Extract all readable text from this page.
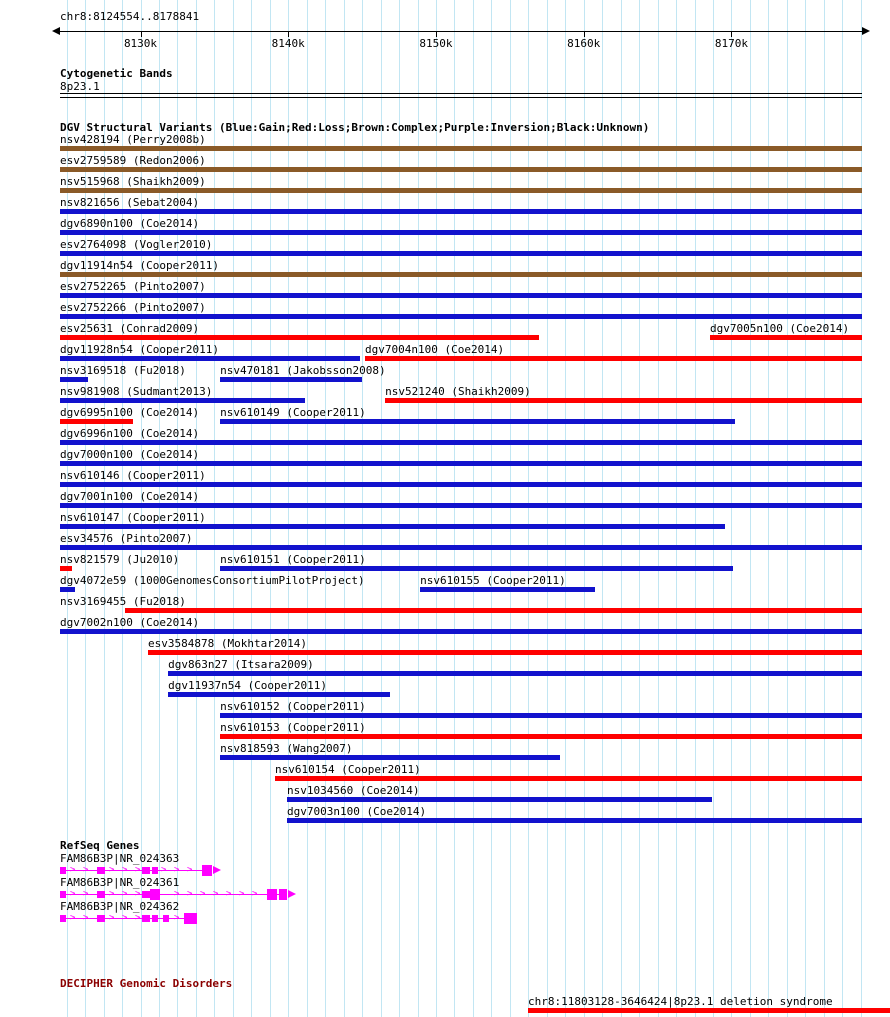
chr8:8124554..8178841
8130k	8140k	8150k	8160k	8170k
Cytogenetic Bands
8p23.1
DGV Structural Variants (Blue:Gain;Red:Loss;Brown:Complex;Purple:Inversion;Black:Unknown)
nsv428194 (Perry2008b)
esv2759589 (Redon2006)
nsv515968 (Shaikh2009)
nsv821656 (Sebat2004)
dgv6890n100 (Coe2014)
esv2764098 (Vogler2010)
dgv11914n54 (Cooper2011)
esv2752265 (Pinto2007)
esv2752266 (Pinto2007)
esv25631 (Conrad2009)	dgv7005n100 (Coe2014)
dgv11928n54 (Cooper2011)	dgv7004n100 (Coe2014)
nsv3169518 (Fu2018)	nsv470181 (Jakobsson2008)
nsv981908 (Sudmant2013)	nsv521240 (Shaikh2009)
dgv6995n100 (Coe2014) nsv610149 (Cooper2011)
dgv6996n100 (Coe2014)
dgv7000n100 (Coe2014)
nsv610146 (Cooper2011)
dgv7001n100 (Coe2014)
nsv610147 (Cooper2011)
esv34576 (Pinto2007)
nsv821579 (Ju2010)	nsv610151 (Cooper2011)
dgv4072e59 (1000GenomesConsortiumPilotProject)	nsv610155 (Cooper2011)
nsv3169455 (Fu2018)
dgv7002n100 (Coe2014)
esv3584878 (Mokhtar2014)
dgv863n27 (Itsara2009)
dgv11937n54 (Cooper2011)
nsv610152 (Cooper2011)
nsv610153 (Cooper2011)
nsv818593 (Wang2007)
nsv610154 (Cooper2011)
nsv1034560 (Coe2014)
dgv7003n100 (Coe2014)
RefSeq Genes
FAM86B3P|NR_024363
> > > > > > > >
FAM86B3P|NR_024361
> > > > >	> > > > > > >
FAM86B3P|NR_024362
> > > > >	>
DECIPHER Genomic Disorders
chr8:11803128-3646424|8p23.1 deletion syndrome
